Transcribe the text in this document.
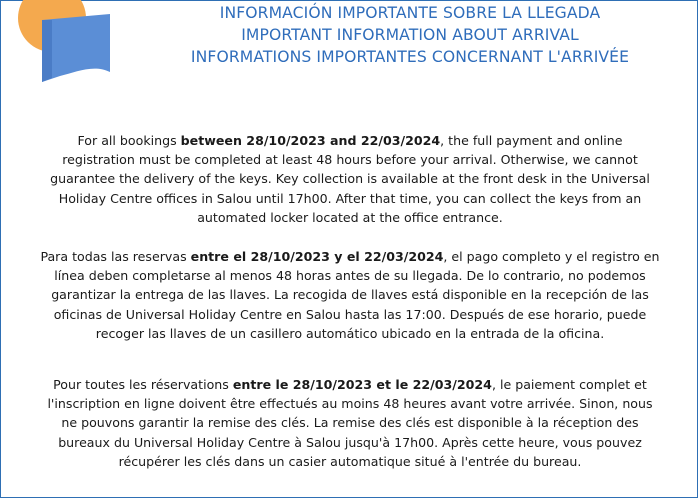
INFORMACIÓN IMPORTANTE SOBRE LA LLEGADA
IMPORTANT INFORMATION ABOUT ARRIVAL
INFORMATIONS IMPORTANTES CONCERNANT L'ARRIVÉE
For all bookings between 28/10/2023 and 22/03/2024, the full payment and online registration must be completed at least 48 hours before your arrival. Otherwise, we cannot guarantee the delivery of the keys. Key collection is available at the front desk in the Universal Holiday Centre offices in Salou until 17h00. After that time, you can collect the keys from an automated locker located at the office entrance.
Para todas las reservas entre el 28/10/2023 y el 22/03/2024, el pago completo y el registro en línea deben completarse al menos 48 horas antes de su llegada. De lo contrario, no podemos garantizar la entrega de las llaves. La recogida de llaves está disponible en la recepción de las oficinas de Universal Holiday Centre en Salou hasta las 17:00. Después de ese horario, puede recoger las llaves de un casillero automático ubicado en la entrada de la oficina.
Pour toutes les réservations entre le 28/10/2023 et le 22/03/2024, le paiement complet et l'inscription en ligne doivent être effectués au moins 48 heures avant votre arrivée. Sinon, nous ne pouvons garantir la remise des clés. La remise des clés est disponible à la réception des bureaux du Universal Holiday Centre à Salou jusqu'à 17h00. Après cette heure, vous pouvez récupérer les clés dans un casier automatique situé à l'entrée du bureau.
